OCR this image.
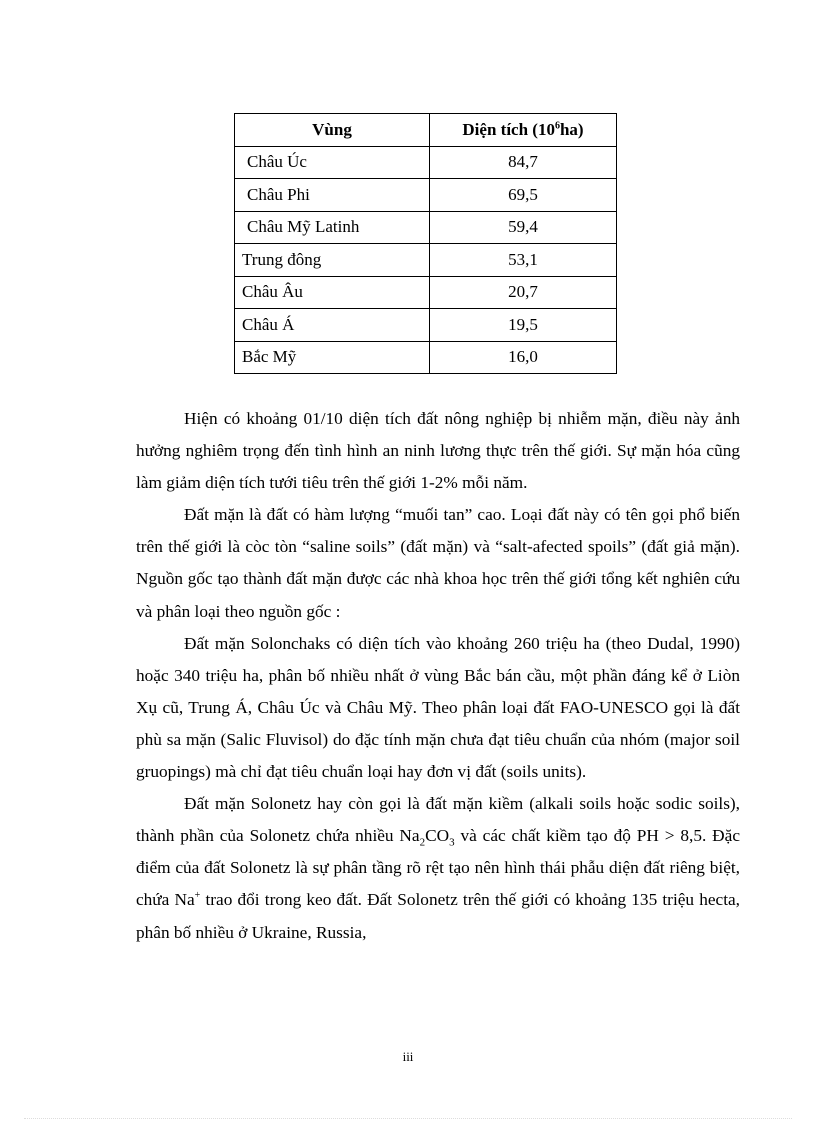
Vùng	Diện tích $(10^6ha)$
Châu Úc	84,7
Châu Phi	69,5
Châu Mỹ Latinh	59,4
Trung đông	53,1
Châu Âu	20,7
Châu Á	19,5
Bắc Mỹ	16,0

Hiện có khoảng 01/10 diện tích đất nông nghiệp bị nhiễm mặn, điều này ảnh hưởng nghiêm trọng đến tình hình an ninh lương thực trên thế giới. Sự mặn hóa cũng làm giảm diện tích tưới tiêu trên thế giới 1-2% mỗi năm.

Đất mặn là đất có hàm lượng “muối tan” cao. Loại đất này có tên gọi phổ biến trên thế giới là còc tòn “saline soils” (đất mặn) và “salt-afected spoils” (đất giả mặn). Nguồn gốc tạo thành đất mặn được các nhà khoa học trên thế giới tổng kết nghiên cứu và phân loại theo nguồn gốc :

Đất mặn Solonchaks có diện tích vào khoảng 260 triệu ha (theo Dudal, 1990) hoặc 340 triệu ha, phân bố nhiều nhất ở vùng Bắc bán cầu, một phần đáng kể ở Liòn Xụ cũ, Trung Á, Châu Úc và Châu Mỹ. Theo phân loại đất FAO-UNESCO gọi là đất phù sa mặn (Salic Fluvisol) do đặc tính mặn chưa đạt tiêu chuẩn của nhóm (major soil gruopings) mà chỉ đạt tiêu chuẩn loại hay đơn vị đất (soils units).

Đất mặn Solonetz hay còn gọi là đất mặn kiềm (alkali soils hoặc sodic soils), thành phần của Solonetz chứa nhiều $Na_2CO_3$ và các chất kiềm tạo độ PH > 8,5. Đặc điểm của đất Solonetz là sự phân tầng rõ rệt tạo nên hình thái phẫu diện đất riêng biệt, chứa Na+ trao đổi trong keo đất. Đất Solonetz trên thế giới có khoảng 135 triệu hecta, phân bố nhiều ở Ukraine, Russia,

iii
